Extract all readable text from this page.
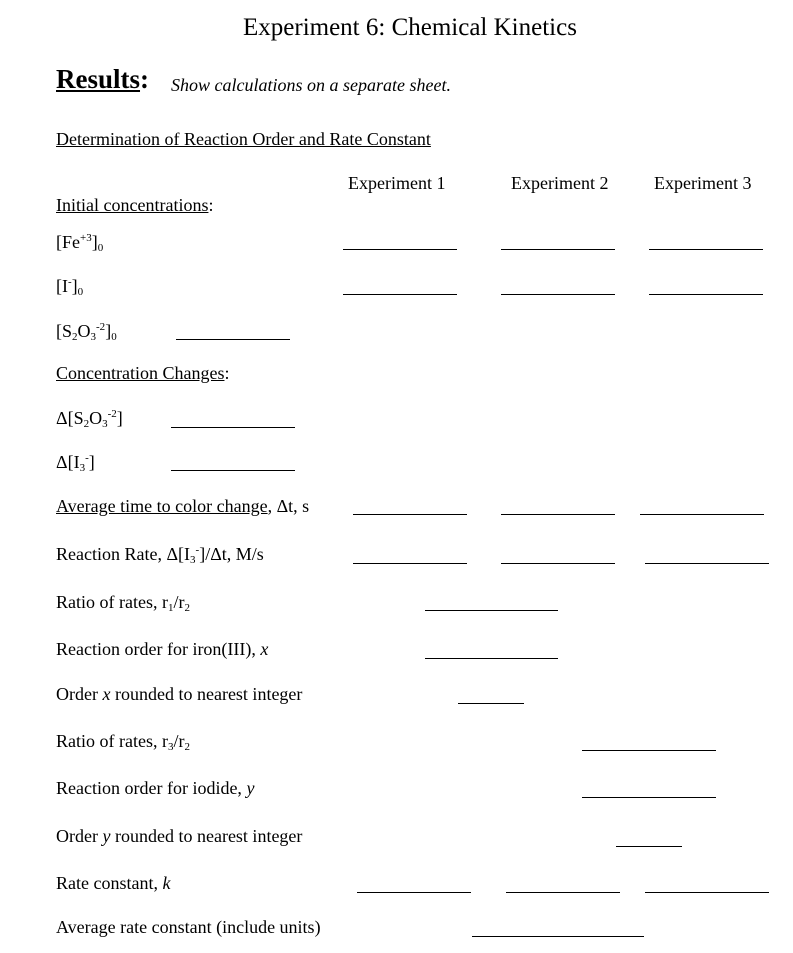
Experiment 6: Chemical Kinetics
Results: Show calculations on a separate sheet.
Determination of Reaction Order and Rate Constant
Experiment 1	Experiment 2	Experiment 3
Initial concentrations:
$[Fe^{+3}]_0$
$[I^-]_0$
$[S_2O_3^{-2}]_0$
Concentration Changes:
$\Delta[S_2O_3^{-2}]$
$\Delta[I_3^-]$
Average time to color change, Δt, s
Reaction Rate, $\Delta[I_3^-]/\Delta t$, M/s
Ratio of rates, $r_1/r_2$
Reaction order for iron(III), x
Order x rounded to nearest integer
Ratio of rates, $r_3/r_2$
Reaction order for iodide, y
Order y rounded to nearest integer
Rate constant, k
Average rate constant (include units)
